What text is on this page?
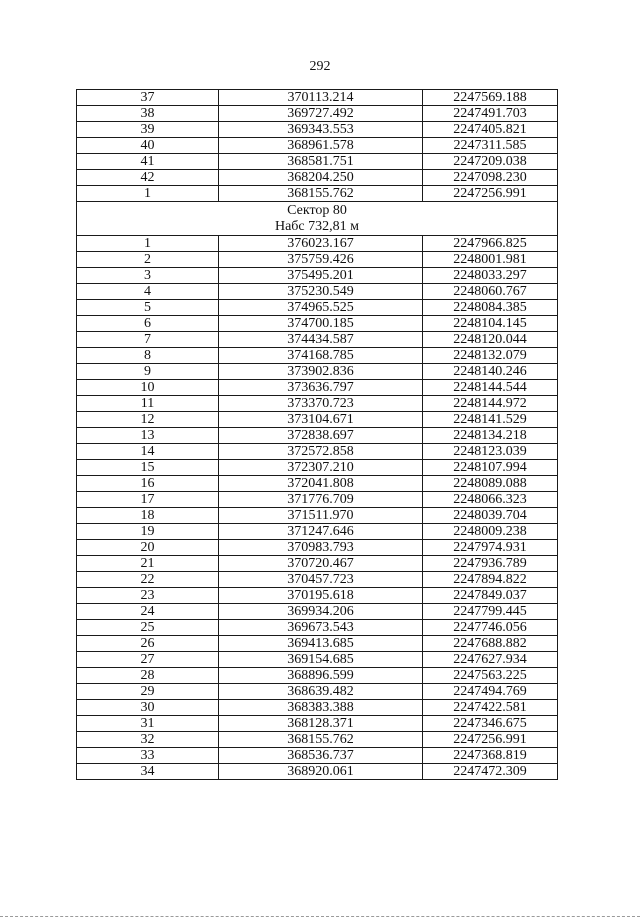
292
37	370113.214	2247569.188
38	369727.492	2247491.703
39	369343.553	2247405.821
40	368961.578	2247311.585
41	368581.751	2247209.038
42	368204.250	2247098.230
1	368155.762	2247256.991

Сектор 80
Набс 732,81 м		

1	376023.167	2247966.825
2	375759.426	2248001.981
3	375495.201	2248033.297
4	375230.549	2248060.767
5	374965.525	2248084.385
6	374700.185	2248104.145
7	374434.587	2248120.044
8	374168.785	2248132.079
9	373902.836	2248140.246
10	373636.797	2248144.544
11	373370.723	2248144.972
12	373104.671	2248141.529
13	372838.697	2248134.218
14	372572.858	2248123.039
15	372307.210	2248107.994
16	372041.808	2248089.088
17	371776.709	2248066.323
18	371511.970	2248039.704
19	371247.646	2248009.238
20	370983.793	2247974.931
21	370720.467	2247936.789
22	370457.723	2247894.822
23	370195.618	2247849.037
24	369934.206	2247799.445
25	369673.543	2247746.056
26	369413.685	2247688.882
27	369154.685	2247627.934
28	368896.599	2247563.225
29	368639.482	2247494.769
30	368383.388	2247422.581
31	368128.371	2247346.675
32	368155.762	2247256.991
33	368536.737	2247368.819
34	368920.061	2247472.309
